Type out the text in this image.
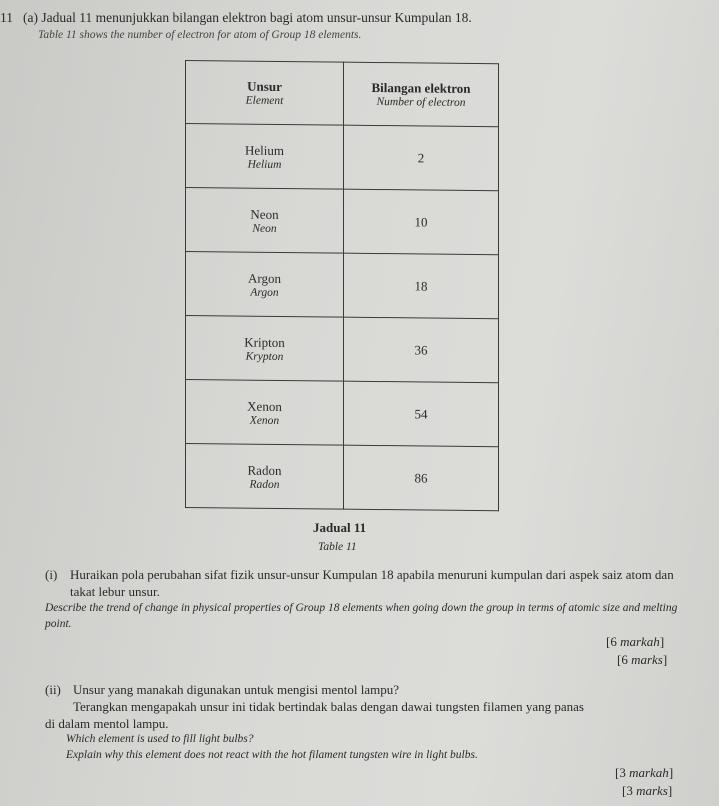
11 (a) Jadual 11 menunjukkan bilangan elektron bagi atom unsur-unsur Kumpulan 18.
Table 11 shows the number of electron for atom of Group 18 elements.
Unsur
Element	Bilangan elektron
Number of electron

Helium
Helium	2

Neon
Neon	10

Argon
Argon	18

Kripton
Krypton	36

Xenon
Xenon	54

Radon
Radon	86
Jadual 11
Table 11
(i) Huraikan pola perubahan sifat fizik unsur-unsur Kumpulan 18 apabila menuruni kumpulan dari aspek saiz atom dan takat lebur unsur.
Describe the trend of change in physical properties of Group 18 elements when going down the group in terms of atomic size and melting point.
[6 markah]
[6 marks]
(ii) Unsur yang manakah digunakan untuk mengisi mentol lampu?
Terangkan mengapakah unsur ini tidak bertindak balas dengan dawai tungsten filamen yang panas
di dalam mentol lampu.
Which element is used to fill light bulbs?
Explain why this element does not react with the hot filament tungsten wire in light bulbs.
[3 markah]
[3 marks]
